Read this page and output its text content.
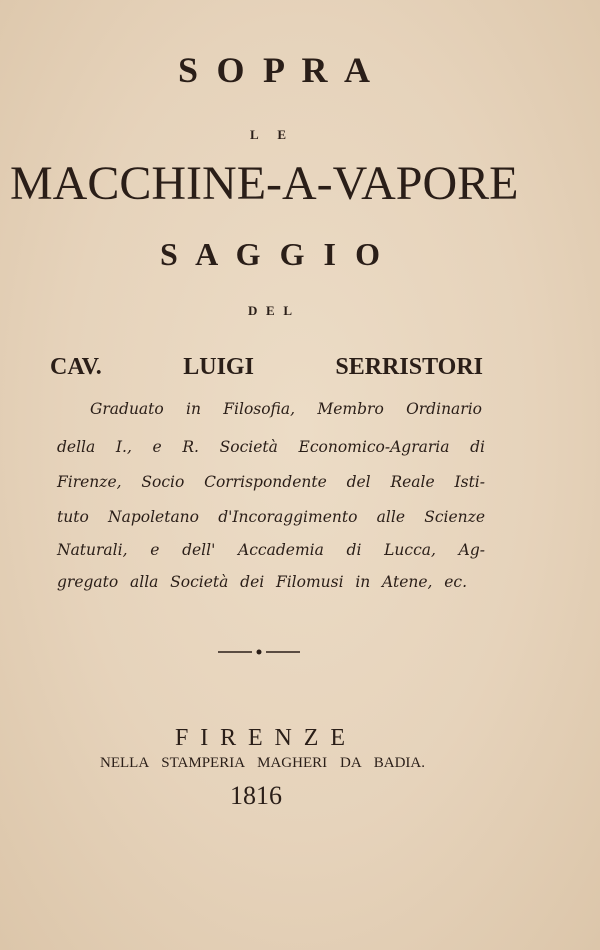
S O P R A
L E
MACCHINE-A-VAPORE
S A G G I O
D E L
CAV. LUIGI SERRISTORI
Graduato in Filosofia, Membro Ordinario
della I., e R. Società Economico-Agraria di
Firenze, Socio Corrispondente del Reale Isti-
tuto Napoletano d'Incoraggimento alle Scienze
Naturali, e dell' Accademia di Lucca, Ag-
gregato alla Società dei Filomusi in Atene, ec.
F I R E N Z E
NELLA STAMPERIA MAGHERI DA BADIA.
1816
